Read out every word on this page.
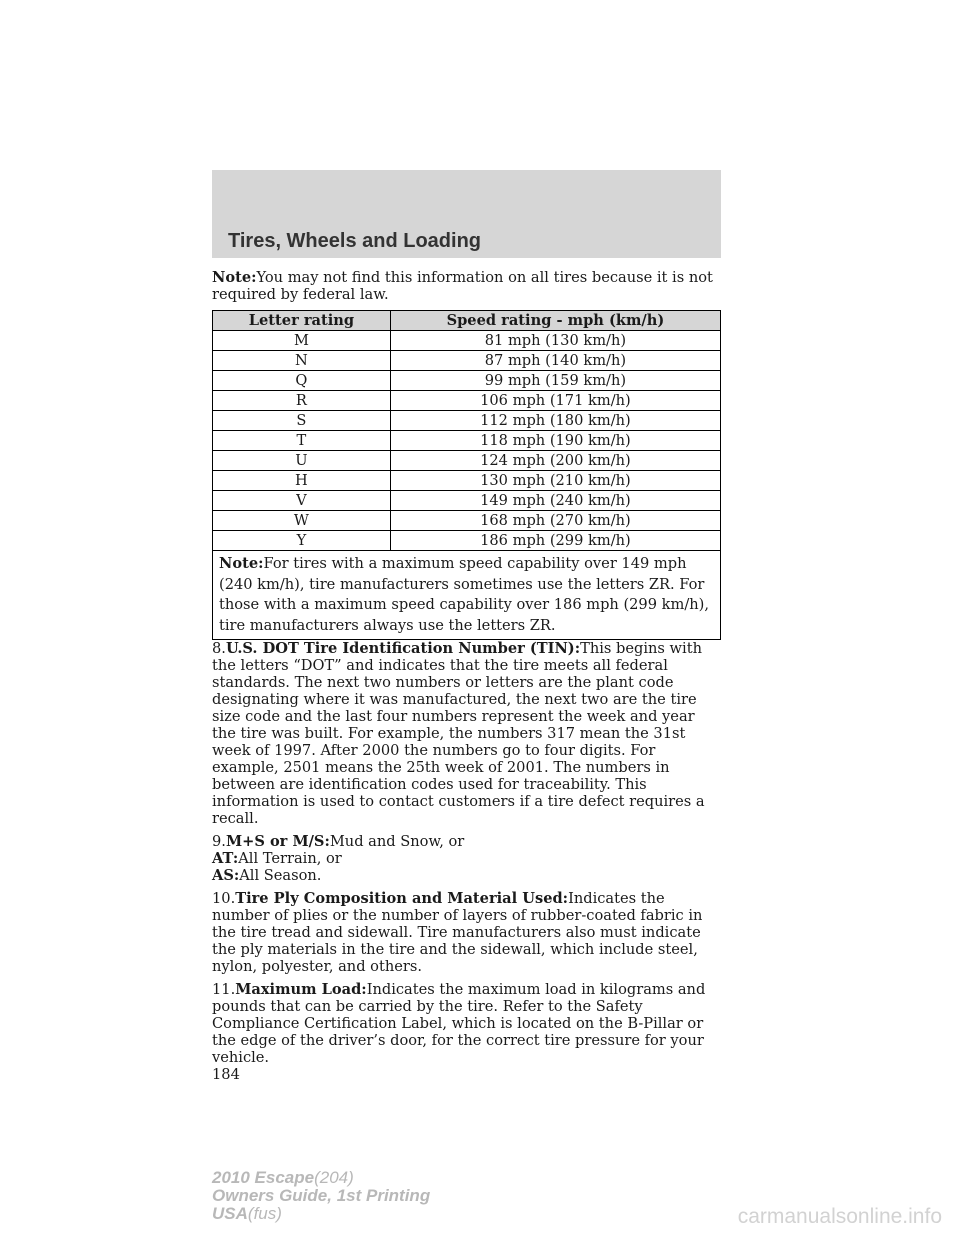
Tires, Wheels and Loading

Note:You may not find this information on all tires because it is not required by federal law.

Letter rating	Speed rating - mph (km/h)
M	81 mph (130 km/h)
N	87 mph (140 km/h)
Q	99 mph (159 km/h)
R	106 mph (171 km/h)
S	112 mph (180 km/h)
T	118 mph (190 km/h)
U	124 mph (200 km/h)
H	130 mph (210 km/h)
V	149 mph (240 km/h)
W	168 mph (270 km/h)
Y	186 mph (299 km/h)
Note:For tires with a maximum speed capability over 149 mph (240 km/h), tire manufacturers sometimes use the letters ZR. For those with a maximum speed capability over 186 mph (299 km/h), tire manufacturers always use the letters ZR.	

8.U.S. DOT Tire Identification Number (TIN):This begins with the letters “DOT” and indicates that the tire meets all federal standards. The next two numbers or letters are the plant code designating where it was manufactured, the next two are the tire size code and the last four numbers represent the week and year the tire was built. For example, the numbers 317 mean the 31st week of 1997. After 2000 the numbers go to four digits. For example, 2501 means the 25th week of 2001. The numbers in between are identification codes used for traceability. This information is used to contact customers if a tire defect requires a recall.

9.M+S or M/S:Mud and Snow, or

AT:All Terrain, or

AS:All Season.

10.Tire Ply Composition and Material Used:Indicates the number of plies or the number of layers of rubber-coated fabric in the tire tread and sidewall. Tire manufacturers also must indicate the ply materials in the tire and the sidewall, which include steel, nylon, polyester, and others.

11.Maximum Load:Indicates the maximum load in kilograms and pounds that can be carried by the tire. Refer to the Safety Compliance Certification Label, which is located on the B-Pillar or the edge of the driver’s door, for the correct tire pressure for your vehicle.

184

2010 Escape(204)
Owners Guide, 1st Printing
USA(fus)	carmanualsonline.info
